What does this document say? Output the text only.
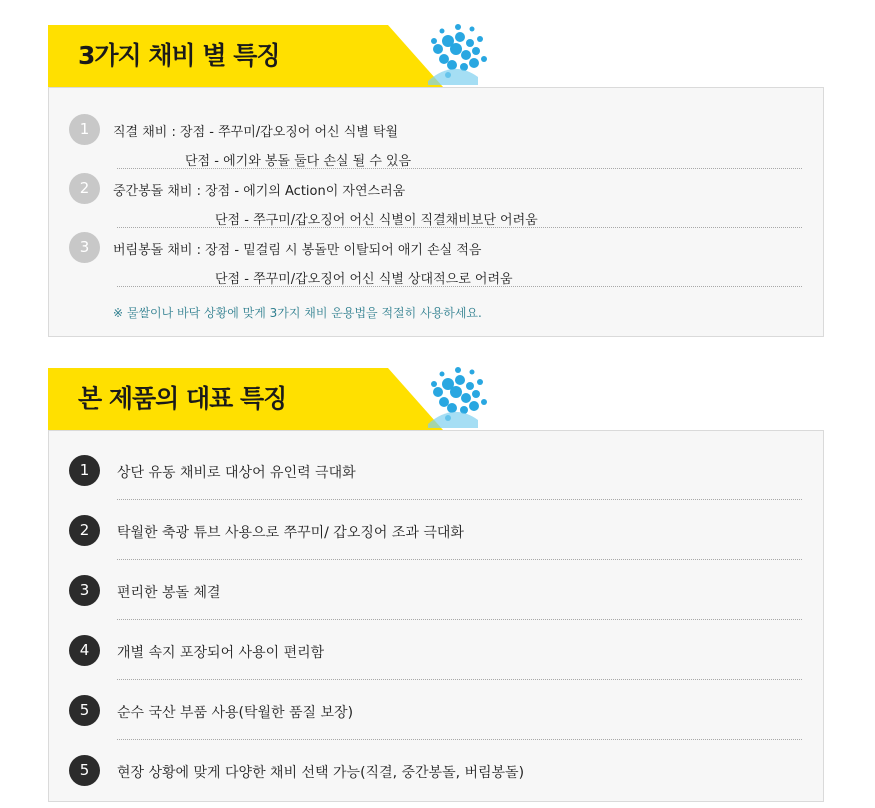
3가지 채비 별 특징
1	직결 채비 : 장점 - 쭈꾸미/갑오징어 어신 식별 탁월
단점 - 에기와 봉돌 둘다 손실 될 수 있음
2	중간봉돌 채비 : 장점 - 에기의 Action이 자연스러움
단점 - 쭈구미/갑오징어 어신 식별이 직결채비보단 어려움
3	버림봉돌 채비 : 장점 - 밑걸림 시 봉돌만 이탈되어 애기 손실 적음
단점 - 쭈꾸미/갑오징어 어신 식별 상대적으로 어려움
※ 물쌀이나 바닥 상황에 맞게 3가지 채비 운용법을 적절히 사용하세요.
본 제품의 대표 특징
1	상단 유동 채비로 대상어 유인력 극대화
2	탁월한 축광 튜브 사용으로 쭈꾸미/ 갑오징어 조과 극대화
3	편리한 봉돌 체결
4	개별 속지 포장되어 사용이 편리함
5	순수 국산 부품 사용(탁월한 품질 보장)
5	현장 상황에 맞게 다양한 채비 선택 가능(직결, 중간봉돌, 버림봉돌)
